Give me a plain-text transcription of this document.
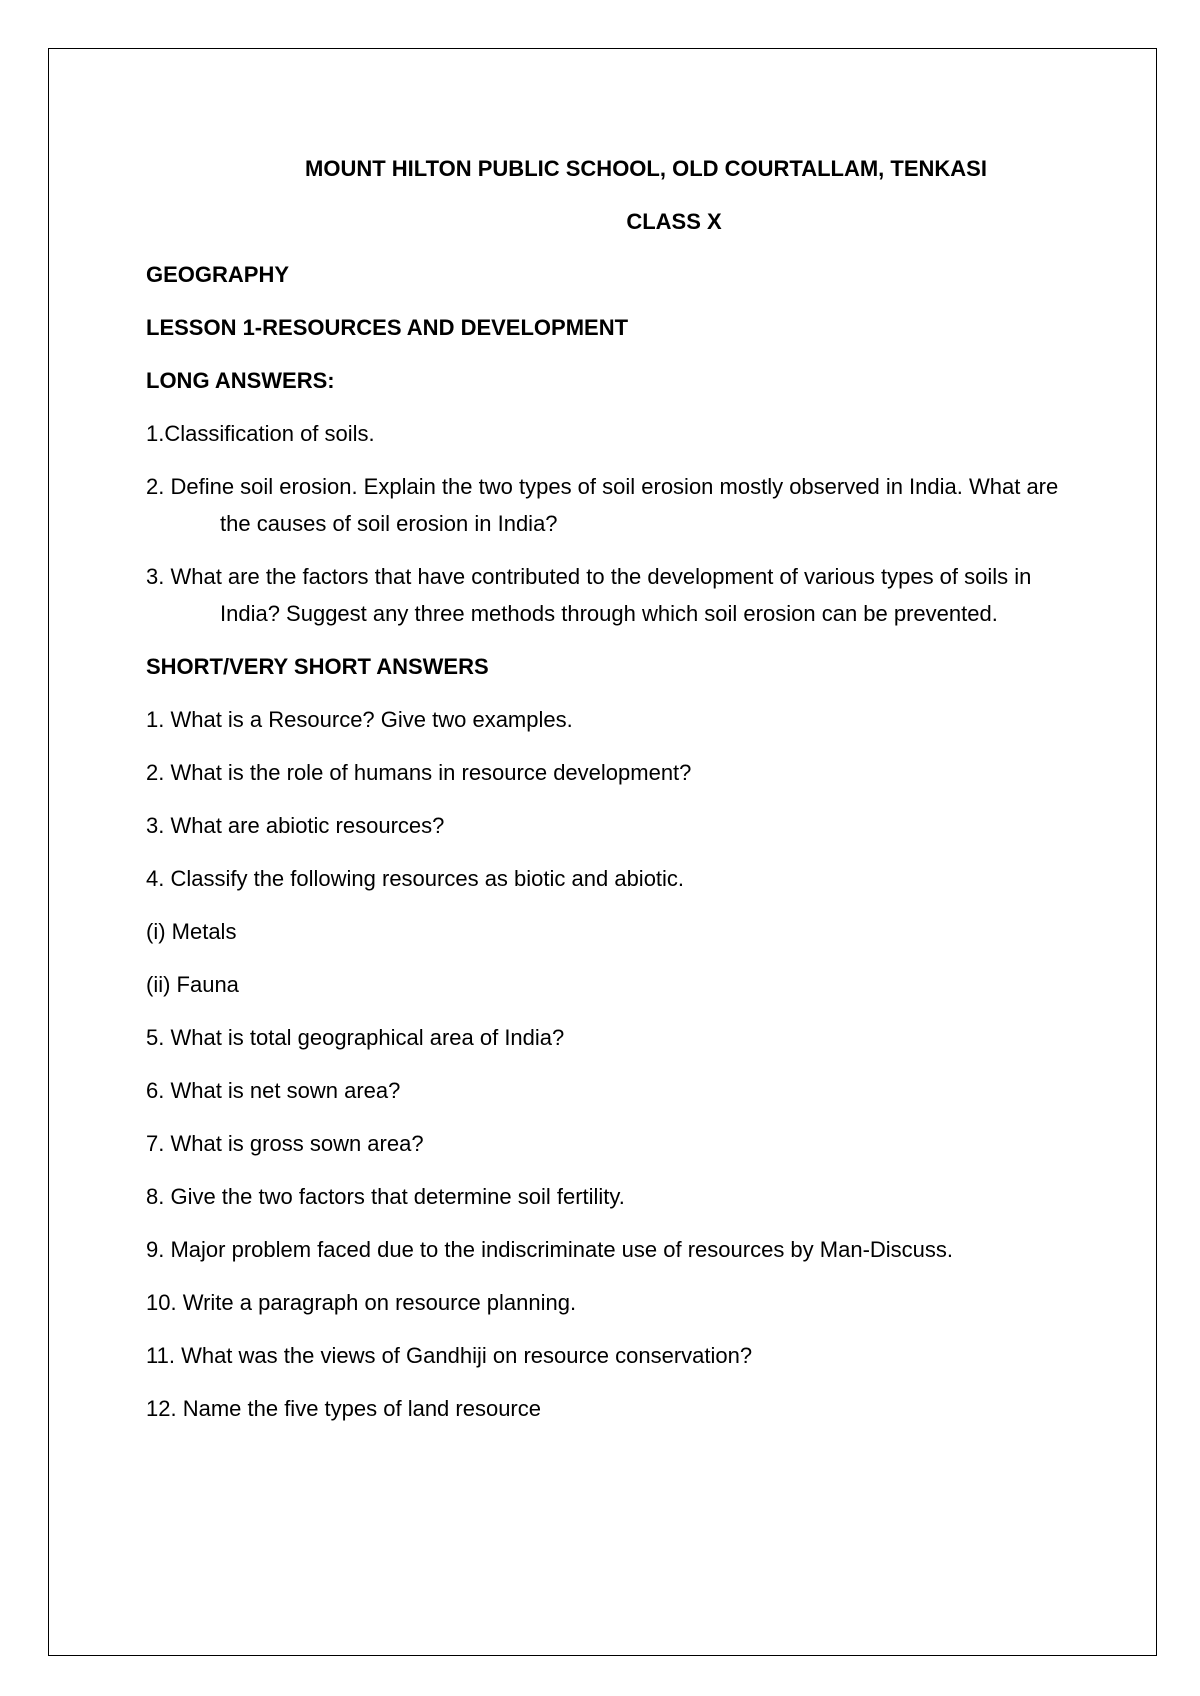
MOUNT HILTON PUBLIC SCHOOL, OLD COURTALLAM, TENKASI
CLASS X
GEOGRAPHY
LESSON 1-RESOURCES AND DEVELOPMENT
LONG ANSWERS:
1.Classification of soils.
2. Define soil erosion. Explain the two types of soil erosion mostly observed in India. What are the causes of soil erosion in India?
3. What are the factors that have contributed to the development of various types of soils in India? Suggest any three methods through which soil erosion can be prevented.
SHORT/VERY SHORT ANSWERS
1. What is a Resource? Give two examples.
2. What is the role of humans in resource development?
3. What are abiotic resources?
4. Classify the following resources as biotic and abiotic.
(i) Metals
(ii) Fauna
5. What is total geographical area of India?
6. What is net sown area?
7. What is gross sown area?
8. Give the two factors that determine soil fertility.
9. Major problem faced due to the indiscriminate use of resources by Man-Discuss.
10. Write a paragraph on resource planning.
11. What was the views of Gandhiji on resource conservation?
12. Name the five types of land resource
